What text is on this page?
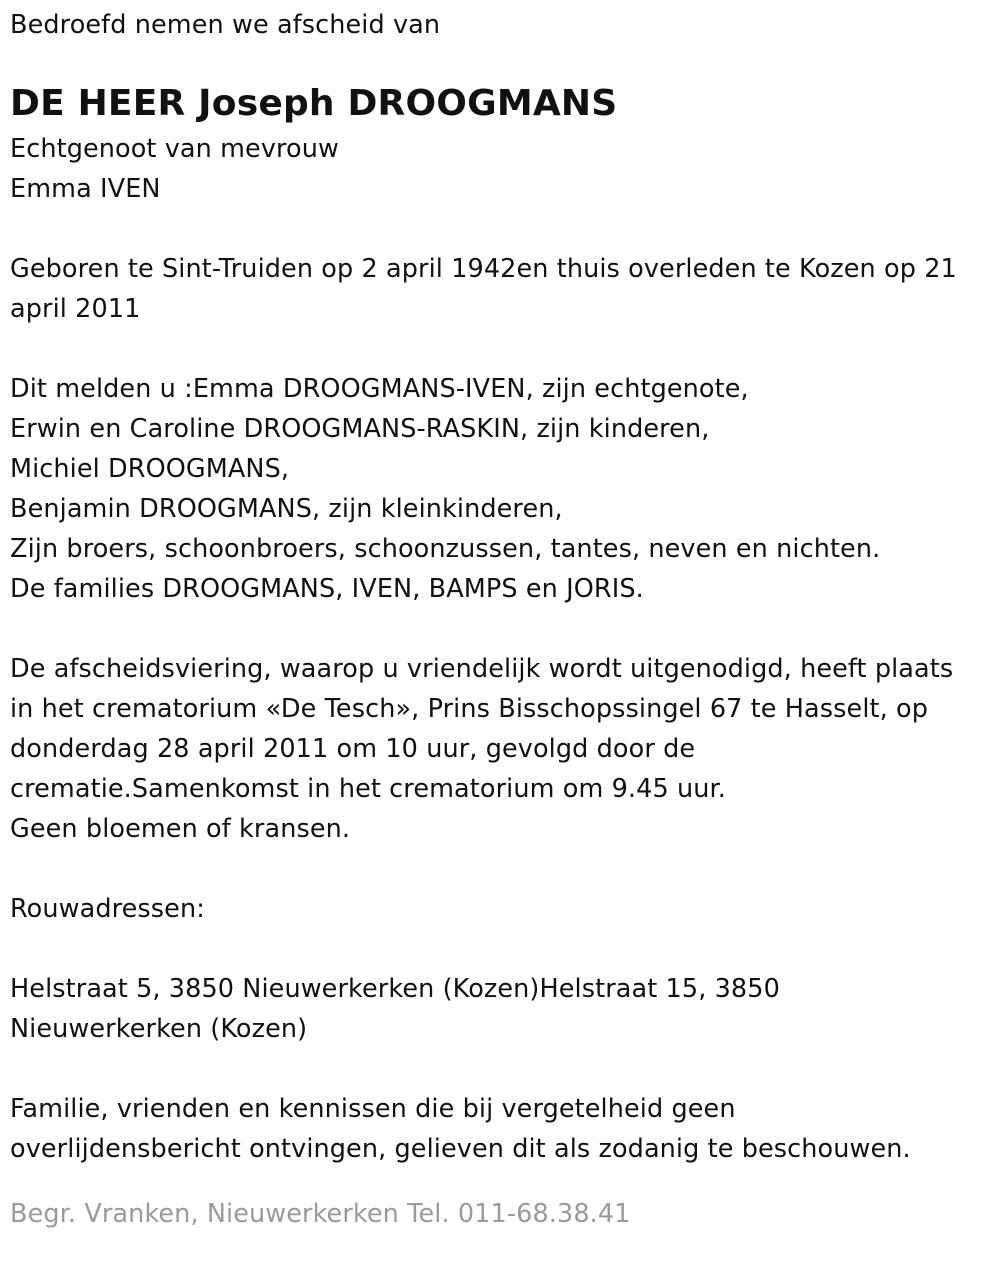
Bedroefd nemen we afscheid van
DE HEER Joseph DROOGMANS
Echtgenoot van mevrouw
Emma IVEN
Geboren te Sint-Truiden op 2 april 1942en thuis overleden te Kozen op 21
april 2011
Dit melden u :Emma DROOGMANS-IVEN, zijn echtgenote,
Erwin en Caroline DROOGMANS-RASKIN, zijn kinderen,
Michiel DROOGMANS,
Benjamin DROOGMANS, zijn kleinkinderen,
Zijn broers, schoonbroers, schoonzussen, tantes, neven en nichten.
De families DROOGMANS, IVEN, BAMPS en JORIS.
De afscheidsviering, waarop u vriendelijk wordt uitgenodigd, heeft plaats
in het crematorium «De Tesch», Prins Bisschopssingel 67 te Hasselt, op
donderdag 28 april 2011 om 10 uur, gevolgd door de
crematie.Samenkomst in het crematorium om 9.45 uur.
Geen bloemen of kransen.
Rouwadressen:
Helstraat 5, 3850 Nieuwerkerken (Kozen)Helstraat 15, 3850
Nieuwerkerken (Kozen)
Familie, vrienden en kennissen die bij vergetelheid geen
overlijdensbericht ontvingen, gelieven dit als zodanig te beschouwen.
Begr. Vranken, Nieuwerkerken Tel. 011-68.38.41
